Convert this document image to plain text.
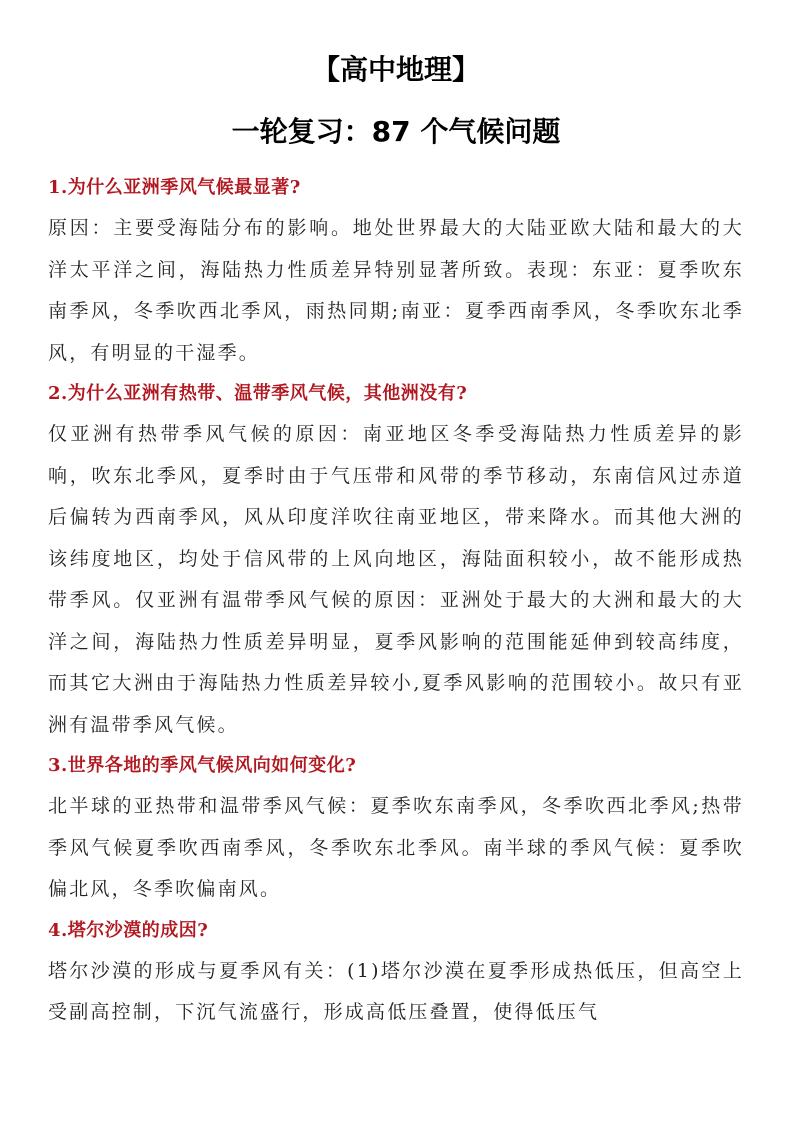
【高中地理】
一轮复习：87 个气候问题

1.为什么亚洲季风气候最显著?

原因：主要受海陆分布的影响。地处世界最大的大陆亚欧大陆和最大的大洋太平洋之间，海陆热力性质差异特别显著所致。表现：东亚：夏季吹东南季风，冬季吹西北季风，雨热同期;南亚：夏季西南季风，冬季吹东北季风，有明显的干湿季。

2.为什么亚洲有热带、温带季风气候，其他洲没有?

仅亚洲有热带季风气候的原因：南亚地区冬季受海陆热力性质差异的影响，吹东北季风，夏季时由于气压带和风带的季节移动，东南信风过赤道后偏转为西南季风，风从印度洋吹往南亚地区，带来降水。而其他大洲的该纬度地区，均处于信风带的上风向地区，海陆面积较小，故不能形成热带季风。仅亚洲有温带季风气候的原因：亚洲处于最大的大洲和最大的大洋之间，海陆热力性质差异明显，夏季风影响的范围能延伸到较高纬度，而其它大洲由于海陆热力性质差异较小,夏季风影响的范围较小。故只有亚洲有温带季风气候。

3.世界各地的季风气候风向如何变化?

北半球的亚热带和温带季风气候：夏季吹东南季风，冬季吹西北季风;热带季风气候夏季吹西南季风，冬季吹东北季风。南半球的季风气候：夏季吹偏北风，冬季吹偏南风。

4.塔尔沙漠的成因?

塔尔沙漠的形成与夏季风有关：(1)塔尔沙漠在夏季形成热低压，但高空上受副高控制，下沉气流盛行，形成高低压叠置，使得低压气
